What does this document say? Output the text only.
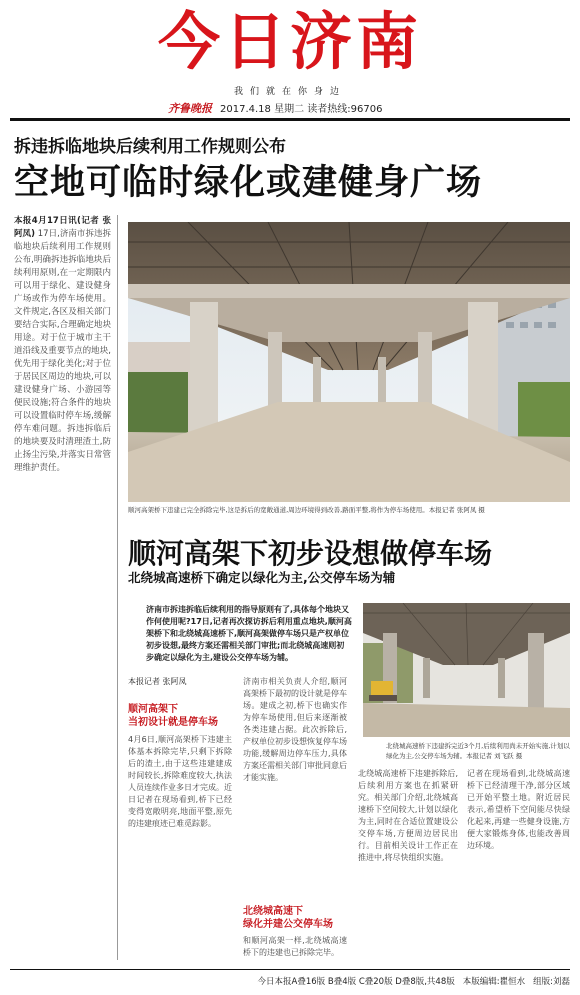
今日济南
我们就在你身边
齐鲁晚报 2017.4.18 星期二 读者热线:96706
拆违拆临地块后续利用工作规则公布
空地可临时绿化或建健身广场
本报4月17日讯(记者 张阿凤) 17日,济南市拆违拆临地块后续利用工作规则公布,明确拆违拆临地块后续利用原则,在一定期限内可以用于绿化、建设健身广场或作为停车场使用。文件规定,各区及相关部门要结合实际,合理确定地块用途。对于位于城市主干道沿线及重要节点的地块,优先用于绿化美化;对于位于居民区周边的地块,可以建设健身广场、小游园等便民设施;符合条件的地块可以设置临时停车场,缓解停车难问题。拆违拆临后的地块要及时清理渣土,防止扬尘污染,并落实日常管理维护责任。
顺河高架桥下违建已完全拆除完毕,这是拆后的宽敞通道,周边环境得到改善,路面平整,将作为停车场使用。本报记者 张阿凤 摄
顺河高架下初步设想做停车场
北绕城高速桥下确定以绿化为主,公交停车场为辅
济南市拆违拆临后续利用的指导原则有了,具体每个地块又作何使用呢?17日,记者再次探访拆后利用重点地块,顺河高架桥下和北绕城高速桥下,顺河高架做停车场只是产权单位初步设想,最终方案还需相关部门审批;而北绕城高速则初步确定以绿化为主,建设公交停车场为辅。
北绕城高速桥下违建拆完近3个月,后续利用尚未开始实施,计划以绿化为主,公交停车场为辅。本报记者 刘飞跃 摄
本报记者 张阿凤
顺河高架下
当初设计就是停车场
4月6日,顺河高架桥下违建主体基本拆除完毕,只剩下拆除后的渣土,由于这些违建建成时间较长,拆除难度较大,执法人员连续作业多日才完成。近日记者在现场看到,桥下已经变得宽敞明亮,地面平整,原先的违建痕迹已难觅踪影。
济南市相关负责人介绍,顺河高架桥下最初的设计就是停车场。建成之初,桥下也确实作为停车场使用,但后来逐渐被各类违建占据。此次拆除后,产权单位初步设想恢复停车场功能,缓解周边停车压力,具体方案还需相关部门审批同意后才能实施。
北绕城高速下
绿化并建公交停车场
和顺河高架一样,北绕城高速桥下的违建也已拆除完毕。
北绕城高速桥下违建拆除后,后续利用方案也在抓紧研究。相关部门介绍,北绕城高速桥下空间较大,计划以绿化为主,同时在合适位置建设公交停车场,方便周边居民出行。目前相关设计工作正在推进中,将尽快组织实施。
记者在现场看到,北绕城高速桥下已经清理干净,部分区域已开始平整土地。附近居民表示,希望桥下空间能尽快绿化起来,再建一些健身设施,方便大家锻炼身体,也能改善周边环境。
今日本报A叠16版 B叠4版 C叠20版 D叠8版,共48版 本版编辑:瞿恒水 组版:刘磊
